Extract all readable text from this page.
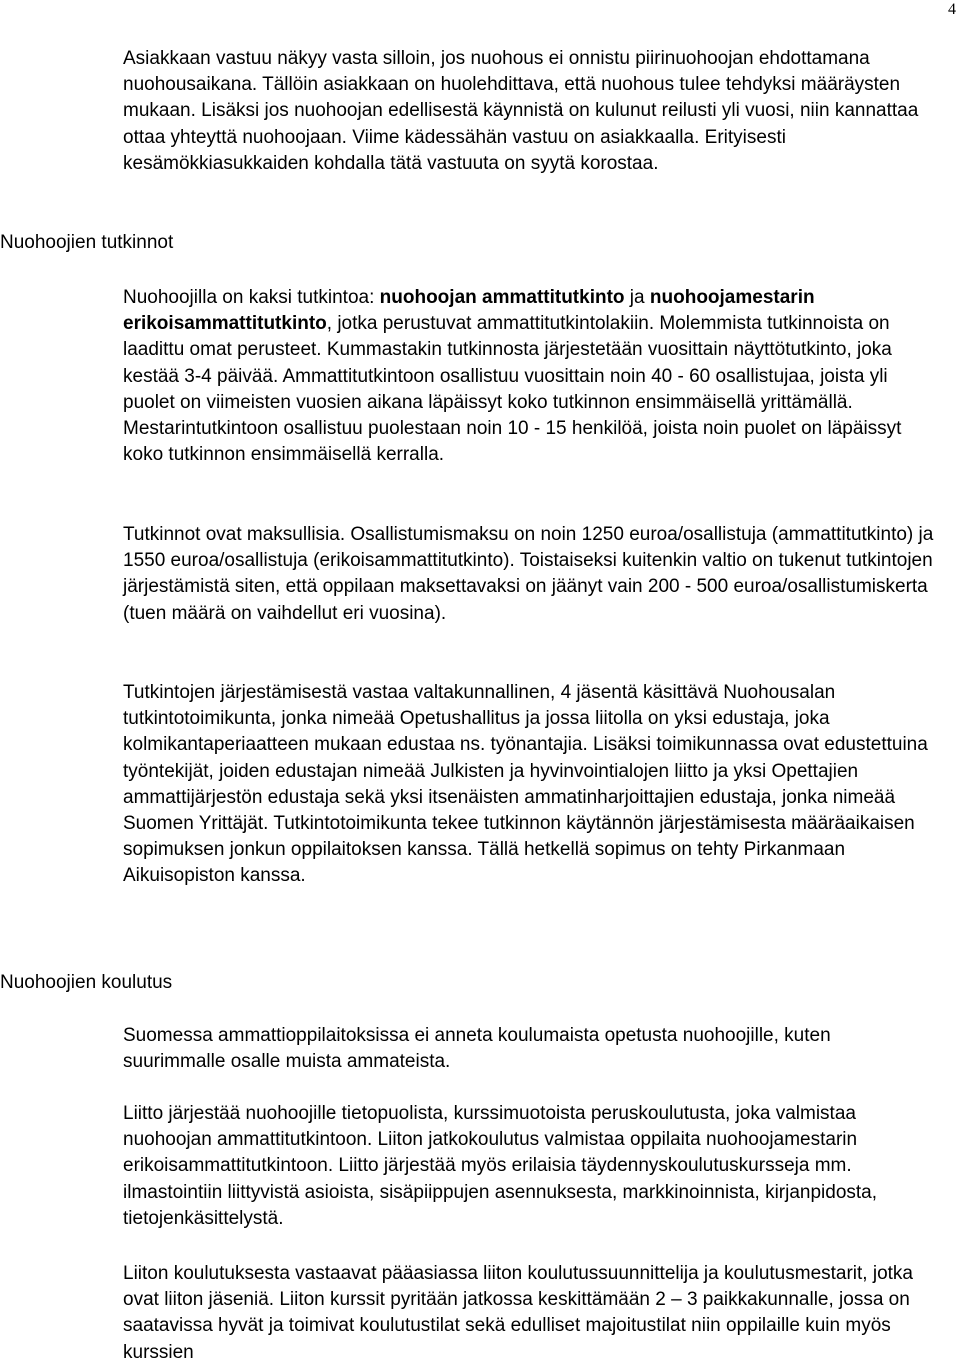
4

Asiakkaan vastuu näkyy vasta silloin, jos nuohous ei onnistu piirinuohoojan ehdottamana nuohousaikana. Tällöin asiakkaan on huolehdittava, että nuohous tulee tehdyksi määräysten mukaan. Lisäksi jos nuohoojan edellisestä käynnistä on kulunut reilusti yli vuosi, niin kannattaa ottaa yhteyttä nuohoojaan. Viime kädessähän vastuu on asiakkaalla. Erityisesti kesämökkiasukkaiden kohdalla tätä vastuuta on syytä korostaa.

Nuohoojien tutkinnot

Nuohoojilla on kaksi tutkintoa: nuohoojan ammattitutkinto ja nuohoojamestarin erikoisammattitutkinto, jotka perustuvat ammattitutkintolakiin. Molemmista tutkinnoista on laadittu omat perusteet. Kummastakin tutkinnosta järjestetään vuosittain näyttötutkinto, joka kestää 3-4 päivää. Ammattitutkintoon osallistuu vuosittain noin 40 - 60 osallistujaa, joista yli puolet on viimeisten vuosien aikana läpäissyt koko tutkinnon ensimmäisellä yrittämällä. Mestarintutkintoon osallistuu puolestaan noin 10 - 15 henkilöä, joista noin puolet on läpäissyt koko tutkinnon ensimmäisellä kerralla.

Tutkinnot ovat maksullisia. Osallistumismaksu on noin 1250 euroa/osallistuja (ammattitutkinto) ja 1550 euroa/osallistuja (erikoisammattitutkinto). Toistaiseksi kuitenkin valtio on tukenut tutkintojen järjestämistä siten, että oppilaan maksettavaksi on jäänyt vain 200 - 500 euroa/osallistumiskerta (tuen määrä on vaihdellut eri vuosina).

Tutkintojen järjestämisestä vastaa valtakunnallinen, 4 jäsentä käsittävä Nuohousalan tutkintotoimikunta, jonka nimeää Opetushallitus ja jossa liitolla on yksi edustaja, joka kolmikantaperiaatteen mukaan edustaa ns. työnantajia. Lisäksi toimikunnassa ovat edustettuina työntekijät, joiden edustajan nimeää Julkisten ja hyvinvointialojen liitto ja yksi Opettajien ammattijärjestön edustaja sekä yksi itsenäisten ammatinharjoittajien edustaja, jonka nimeää Suomen Yrittäjät. Tutkintotoimikunta tekee tutkinnon käytännön järjestämisesta määräaikaisen sopimuksen jonkun oppilaitoksen kanssa. Tällä hetkellä sopimus on tehty Pirkanmaan Aikuisopiston kanssa.

Nuohoojien koulutus

Suomessa ammattioppilaitoksissa ei anneta koulumaista opetusta nuohoojille, kuten suurimmalle osalle muista ammateista.

Liitto järjestää nuohoojille tietopuolista, kurssimuotoista peruskoulutusta, joka valmistaa nuohoojan ammattitutkintoon. Liiton jatkokoulutus valmistaa oppilaita nuohoojamestarin erikoisammattitutkintoon. Liitto järjestää myös erilaisia täydennyskoulutuskursseja mm. ilmastointiin liittyvistä asioista, sisäpiippujen asennuksesta, markkinoinnista, kirjanpidosta, tietojenkäsittelystä.

Liiton koulutuksesta vastaavat pääasiassa liiton koulutussuunnittelija ja koulutusmestarit, jotka ovat liiton jäseniä. Liiton kurssit pyritään jatkossa keskittämään 2 – 3 paikkakunnalle, jossa on saatavissa hyvät ja toimivat koulutustilat sekä edulliset majoitustilat niin oppilaille kuin myös kurssien
